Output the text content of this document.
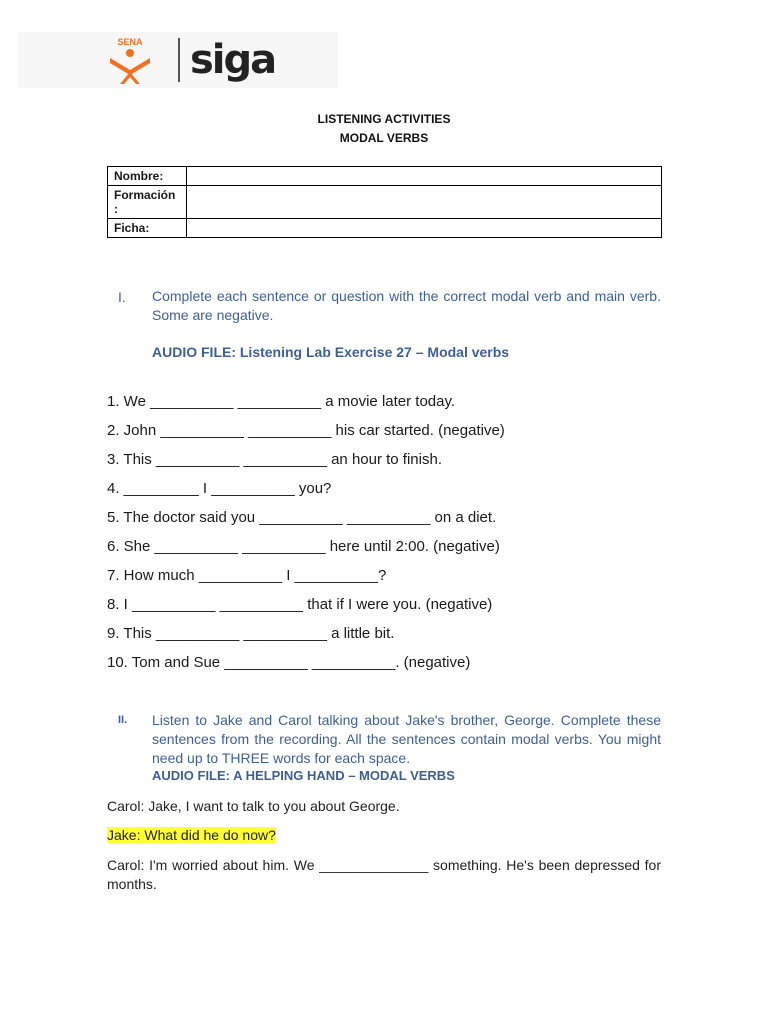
SENA siga
LISTENING ACTIVITIES
MODAL VERBS
Nombre:	
Formación
:	
Ficha:	
I. Complete each sentence or question with the correct modal verb and main verb. Some are negative.
AUDIO FILE: Listening Lab Exercise 27 – Modal verbs
1. We __________ __________ a movie later today.
2. John __________ __________ his car started. (negative)
3. This __________ __________ an hour to finish.
4. _________ I __________ you?
5. The doctor said you __________ __________ on a diet.
6. She __________ __________ here until 2:00. (negative)
7. How much __________ I __________?
8. I __________ __________ that if I were you. (negative)
9. This __________ __________ a little bit.
10. Tom and Sue __________ __________. (negative)
II. Listen to Jake and Carol talking about Jake's brother, George. Complete these sentences from the recording. All the sentences contain modal verbs. You might need up to THREE words for each space.
AUDIO FILE: A HELPING HAND – MODAL VERBS
Carol: Jake, I want to talk to you about George.
Jake: What did he do now?
Carol: I'm worried about him. We ______________ something. He's been depressed for months.
